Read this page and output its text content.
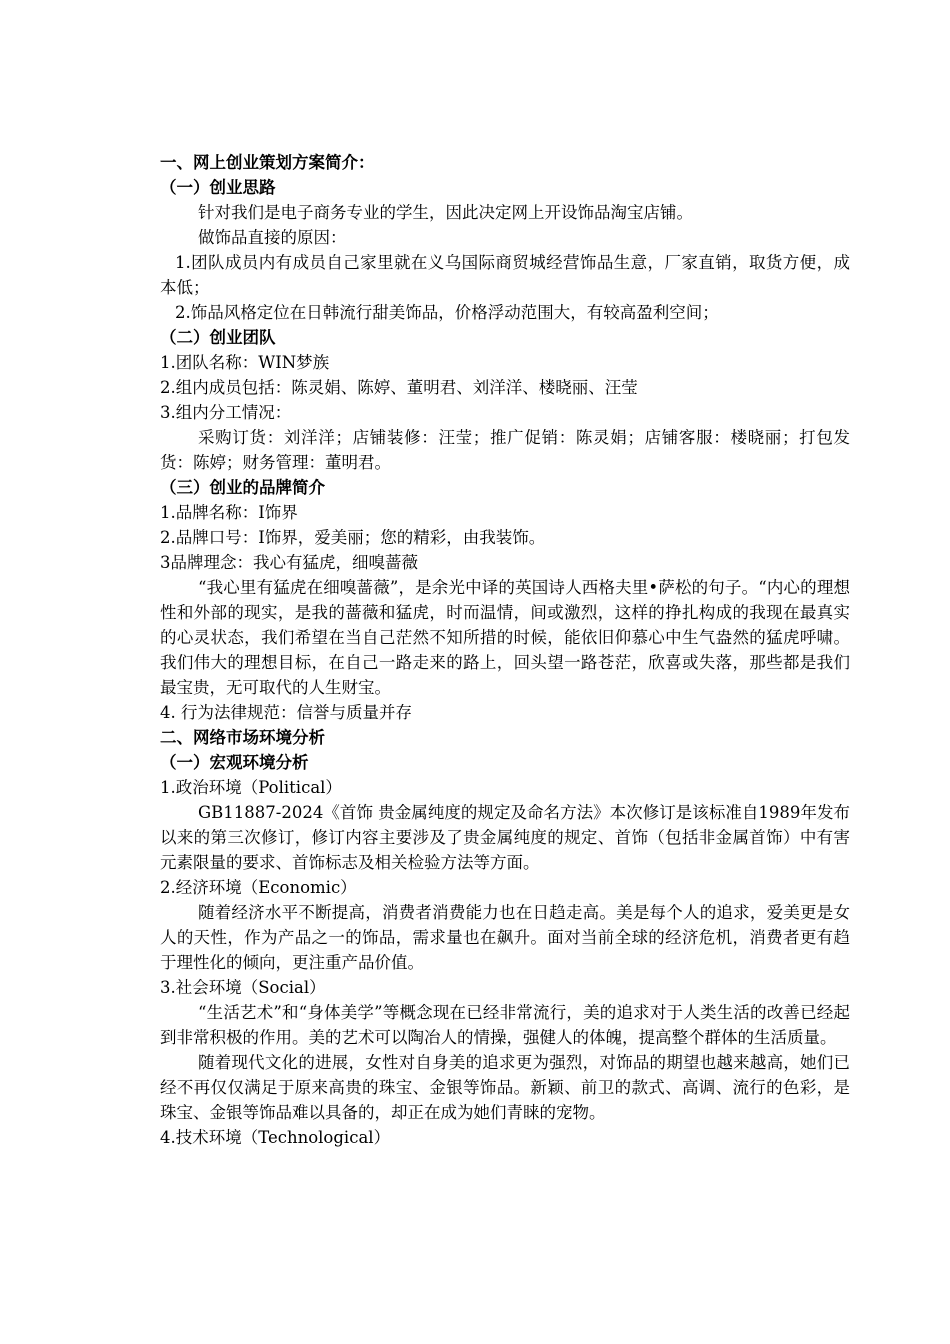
一、网上创业策划方案简介：
（一）创业思路
针对我们是电子商务专业的学生，因此决定网上开设饰品淘宝店铺。
做饰品直接的原因：
1.团队成员内有成员自己家里就在义乌国际商贸城经营饰品生意，厂家直销，取货方便，成本低；
2.饰品风格定位在日韩流行甜美饰品，价格浮动范围大，有较高盈利空间；
（二）创业团队
1.团队名称：WIN梦族
2.组内成员包括：陈灵娟、陈婷、董明君、刘洋洋、楼晓丽、汪莹
3.组内分工情况：
采购订货：刘洋洋；店铺装修：汪莹；推广促销：陈灵娟；店铺客服：楼晓丽；打包发货：陈婷；财务管理：董明君。
（三）创业的品牌简介
1.品牌名称：I饰界
2.品牌口号：I饰界，爱美丽；您的精彩，由我装饰。
3品牌理念：我心有猛虎，细嗅蔷薇
“我心里有猛虎在细嗅蔷薇”，是余光中译的英国诗人西格夫里•萨松的句子。“内心的理想性和外部的现实，是我的蔷薇和猛虎，时而温情，间或激烈，这样的挣扎构成的我现在最真实的心灵状态，我们希望在当自己茫然不知所措的时候，能依旧仰慕心中生气盎然的猛虎呼啸。我们伟大的理想目标，在自己一路走来的路上，回头望一路苍茫，欣喜或失落，那些都是我们最宝贵，无可取代的人生财宝。
4. 行为法律规范：信誉与质量并存
二、网络市场环境分析
（一）宏观环境分析
1.政治环境（Political）
GB11887-2024《首饰 贵金属纯度的规定及命名方法》本次修订是该标准自1989年发布以来的第三次修订，修订内容主要涉及了贵金属纯度的规定、首饰（包括非金属首饰）中有害元素限量的要求、首饰标志及相关检验方法等方面。
2.经济环境（Economic）
随着经济水平不断提高，消费者消费能力也在日趋走高。美是每个人的追求，爱美更是女人的天性，作为产品之一的饰品，需求量也在飙升。面对当前全球的经济危机，消费者更有趋于理性化的倾向，更注重产品价值。
3.社会环境（Social）
“生活艺术”和“身体美学”等概念现在已经非常流行，美的追求对于人类生活的改善已经起到非常积极的作用。美的艺术可以陶冶人的情操，强健人的体魄，提高整个群体的生活质量。
随着现代文化的进展，女性对自身美的追求更为强烈，对饰品的期望也越来越高，她们已经不再仅仅满足于原来高贵的珠宝、金银等饰品。新颖、前卫的款式、高调、流行的色彩，是珠宝、金银等饰品难以具备的，却正在成为她们青睐的宠物。
4.技术环境（Technological）
